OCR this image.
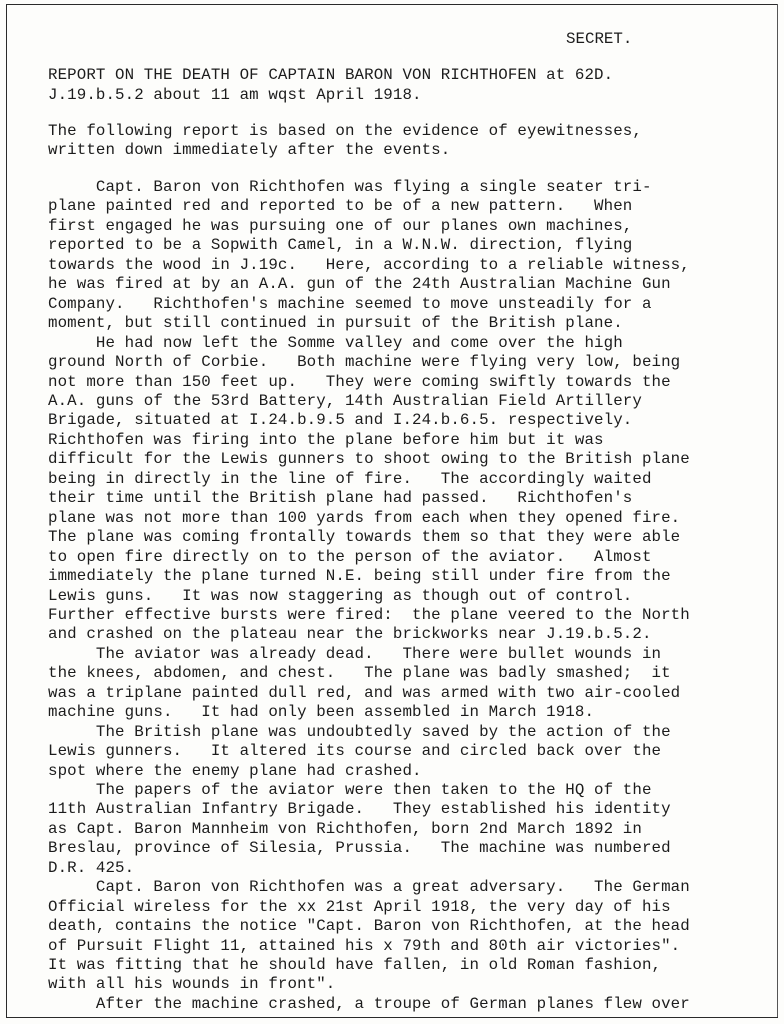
SECRET.
REPORT ON THE DEATH OF CAPTAIN BARON VON RICHTHOFEN at 62D.
J.19.b.5.2 about 11 am wqst April 1918.
The following report is based on the evidence of eyewitnesses,
written down immediately after the events.
Capt. Baron von Richthofen was flying a single seater tri-
plane painted red and reported to be of a new pattern.   When
first engaged he was pursuing one of our planes own machines,
reported to be a Sopwith Camel, in a W.N.W. direction, flying
towards the wood in J.19c.   Here, according to a reliable witness,
he was fired at by an A.A. gun of the 24th Australian Machine Gun
Company.   Richthofen's machine seemed to move unsteadily for a
moment, but still continued in pursuit of the British plane.
He had now left the Somme valley and come over the high
ground North of Corbie.   Both machine were flying very low, being
not more than 150 feet up.   They were coming swiftly towards the
A.A. guns of the 53rd Battery, 14th Australian Field Artillery
Brigade, situated at I.24.b.9.5 and I.24.b.6.5. respectively.
Richthofen was firing into the plane before him but it was
difficult for the Lewis gunners to shoot owing to the British plane
being in directly in the line of fire.   The accordingly waited
their time until the British plane had passed.   Richthofen's
plane was not more than 100 yards from each when they opened fire.
The plane was coming frontally towards them so that they were able
to open fire directly on to the person of the aviator.   Almost
immediately the plane turned N.E. being still under fire from the
Lewis guns.   It was now staggering as though out of control.
Further effective bursts were fired:  the plane veered to the North
and crashed on the plateau near the brickworks near J.19.b.5.2.
The aviator was already dead.   There were bullet wounds in
the knees, abdomen, and chest.   The plane was badly smashed;  it
was a triplane painted dull red, and was armed with two air-cooled
machine guns.   It had only been assembled in March 1918.
The British plane was undoubtedly saved by the action of the
Lewis gunners.   It altered its course and circled back over the
spot where the enemy plane had crashed.
The papers of the aviator were then taken to the HQ of the
11th Australian Infantry Brigade.   They established his identity
as Capt. Baron Mannheim von Richthofen, born 2nd March 1892 in
Breslau, province of Silesia, Prussia.   The machine was numbered
D.R. 425.
Capt. Baron von Richthofen was a great adversary.   The German
Official wireless for the xx 21st April 1918, the very day of his
death, contains the notice "Capt. Baron von Richthofen, at the head
of Pursuit Flight 11, attained his x 79th and 80th air victories".
It was fitting that he should have fallen, in old Roman fashion,
with all his wounds in front".
After the machine crashed, a troupe of German planes flew over
